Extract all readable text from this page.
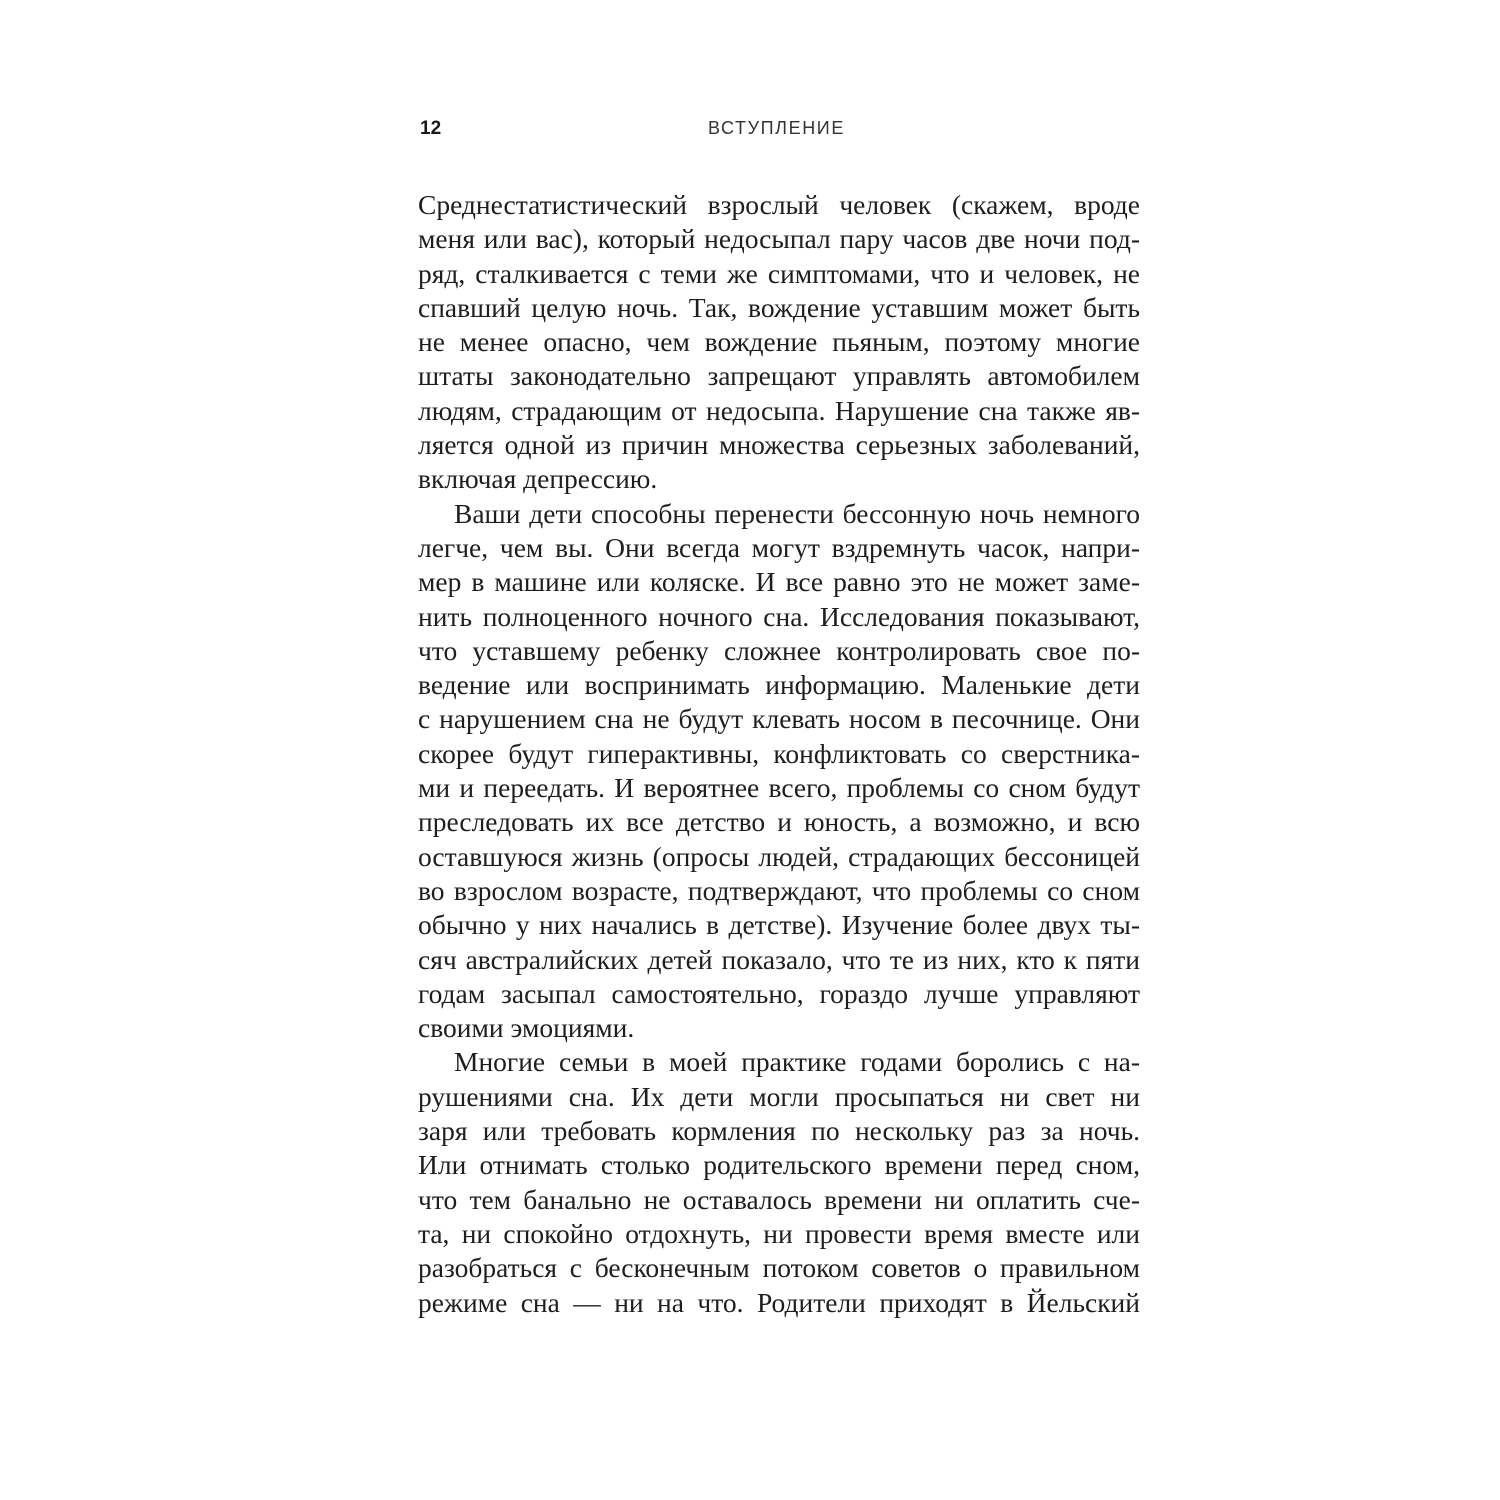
12	ВСТУПЛЕНИЕ
Среднестатистический взрослый человек (скажем, вроде
меня или вас), который недосыпал пару часов две ночи под-
ряд, сталкивается с теми же симптомами, что и человек, не
спавший целую ночь. Так, вождение уставшим может быть
не менее опасно, чем вождение пьяным, поэтому многие
штаты законодательно запрещают управлять автомобилем
людям, страдающим от недосыпа. Нарушение сна также яв-
ляется одной из причин множества серьезных заболеваний,
включая депрессию.
Ваши дети способны перенести бессонную ночь немного
легче, чем вы. Они всегда могут вздремнуть часок, напри-
мер в машине или коляске. И все равно это не может заме-
нить полноценного ночного сна. Исследования показывают,
что уставшему ребенку сложнее контролировать свое по-
ведение или воспринимать информацию. Маленькие дети
с нарушением сна не будут клевать носом в песочнице. Они
скорее будут гиперактивны, конфликтовать со сверстника-
ми и переедать. И вероятнее всего, проблемы со сном будут
преследовать их все детство и юность, а возможно, и всю
оставшуюся жизнь (опросы людей, страдающих бессоницей
во взрослом возрасте, подтверждают, что проблемы со сном
обычно у них начались в детстве). Изучение более двух ты-
сяч австралийских детей показало, что те из них, кто к пяти
годам засыпал самостоятельно, гораздо лучше управляют
своими эмоциями.
Многие семьи в моей практике годами боролись с на-
рушениями сна. Их дети могли просыпаться ни свет ни
заря или требовать кормления по нескольку раз за ночь.
Или отнимать столько родительского времени перед сном,
что тем банально не оставалось времени ни оплатить сче-
та, ни спокойно отдохнуть, ни провести время вместе или
разобраться с бесконечным потоком советов о правильном
режиме сна — ни на что. Родители приходят в Йельский
